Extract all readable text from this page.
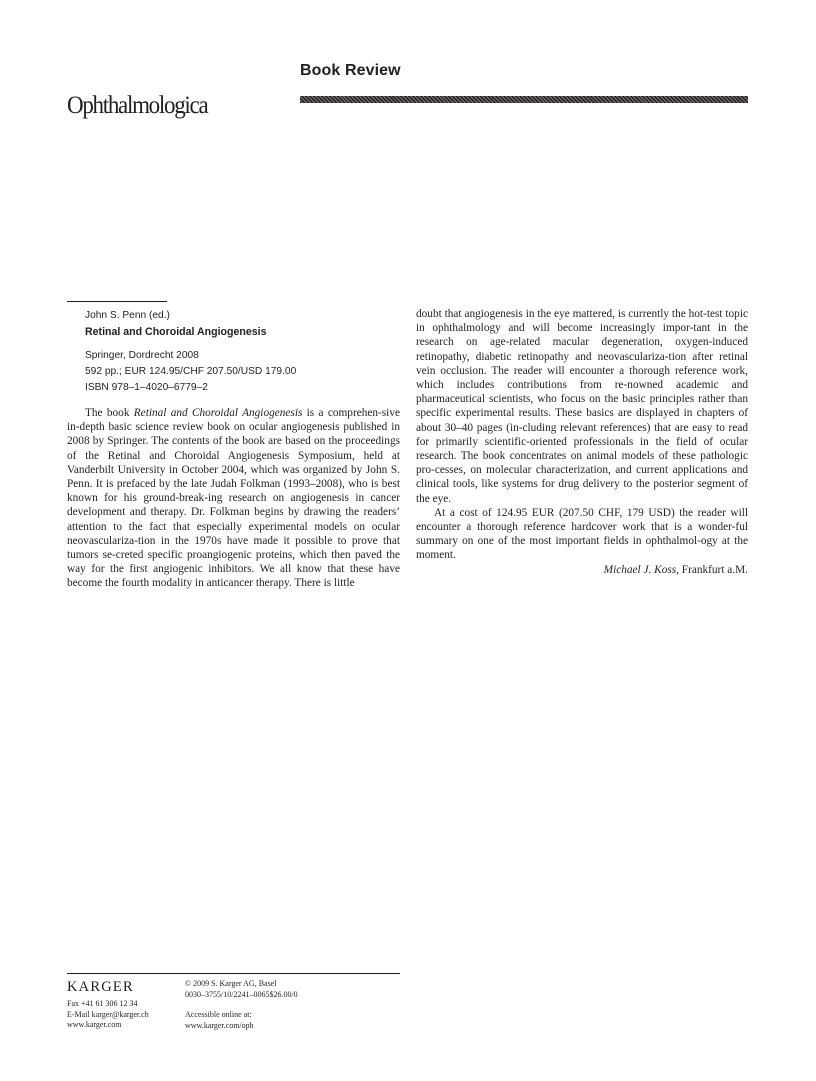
Book Review
Ophthalmologica
John S. Penn (ed.)
Retinal and Choroidal Angiogenesis
Springer, Dordrecht 2008
592 pp.; EUR 124.95/CHF 207.50/USD 179.00
ISBN 978–1–4020–6779–2

The book Retinal and Choroidal Angiogenesis is a comprehen-sive in-depth basic science review book on ocular angiogenesis published in 2008 by Springer. The contents of the book are based on the proceedings of the Retinal and Choroidal Angiogenesis Symposium, held at Vanderbilt University in October 2004, which was organized by John S. Penn. It is prefaced by the late Judah Folkman (1993–2008), who is best known for his ground-break-ing research on angiogenesis in cancer development and therapy. Dr. Folkman begins by drawing the readers’ attention to the fact that especially experimental models on ocular neovasculariza-tion in the 1970s have made it possible to prove that tumors se-creted specific proangiogenic proteins, which then paved the way for the first angiogenic inhibitors. We all know that these have become the fourth modality in anticancer therapy. There is little

doubt that angiogenesis in the eye mattered, is currently the hot-test topic in ophthalmology and will become increasingly impor-tant in the research on age-related macular degeneration, oxygen-induced retinopathy, diabetic retinopathy and neovasculariza-tion after retinal vein occlusion. The reader will encounter a thorough reference work, which includes contributions from re-nowned academic and pharmaceutical scientists, who focus on the basic principles rather than specific experimental results. These basics are displayed in chapters of about 30–40 pages (in-cluding relevant references) that are easy to read for primarily scientific-oriented professionals in the field of ocular research. The book concentrates on animal models of these pathologic pro-cesses, on molecular characterization, and current applications and clinical tools, like systems for drug delivery to the posterior segment of the eye.

At a cost of 124.95 EUR (207.50 CHF, 179 USD) the reader will encounter a thorough reference hardcover work that is a wonder-ful summary on one of the most important fields in ophthalmol-ogy at the moment.

Michael J. Koss, Frankfurt a.M.

KARGER
Fax +41 61 306 12 34
E-Mail karger@karger.ch
www.karger.com
© 2009 S. Karger AG, Basel
0030–3755/10/2241–0065$26.00/0
Accessible online at:
www.karger.com/oph
